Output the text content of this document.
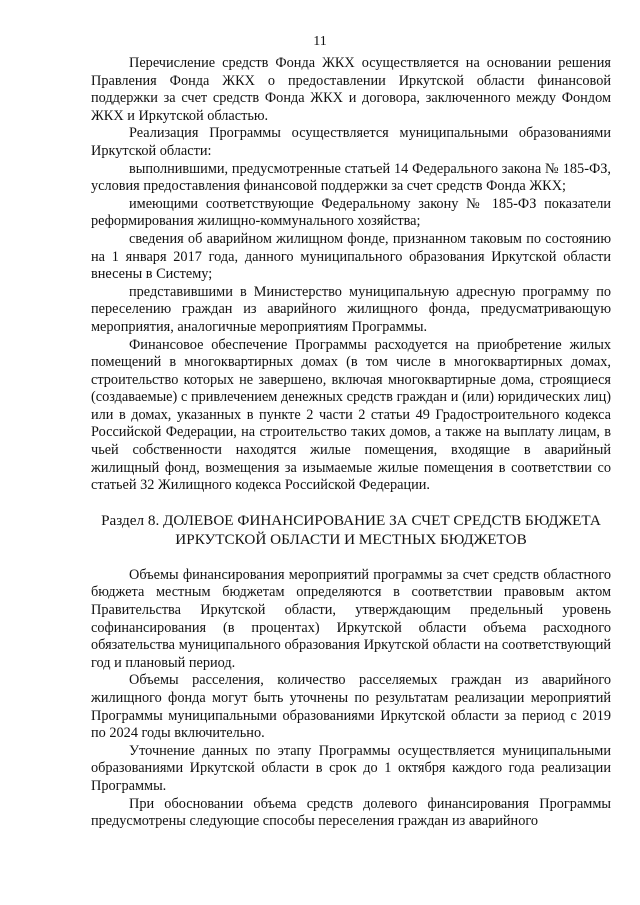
11

Перечисление средств Фонда ЖКХ осуществляется на основании решения Правления Фонда ЖКХ о предоставлении Иркутской области финансовой поддержки за счет средств Фонда ЖКХ и договора, заключенного между Фондом ЖКХ и Иркутской областью.

Реализация Программы осуществляется муниципальными образованиями Иркутской области:

выполнившими, предусмотренные статьей 14 Федерального закона № 185-ФЗ, условия предоставления финансовой поддержки за счет средств Фонда ЖКХ;

имеющими соответствующие Федеральному закону № 185-ФЗ показатели реформирования жилищно-коммунального хозяйства;

сведения об аварийном жилищном фонде, признанном таковым по состоянию на 1 января 2017 года, данного муниципального образования Иркутской области внесены в Систему;

представившими в Министерство муниципальную адресную программу по переселению граждан из аварийного жилищного фонда, предусматривающую мероприятия, аналогичные мероприятиям Программы.

Финансовое обеспечение Программы расходуется на приобретение жилых помещений в многоквартирных домах (в том числе в многоквартирных домах, строительство которых не завершено, включая многоквартирные дома, строящиеся (создаваемые) с привлечением денежных средств граждан и (или) юридических лиц) или в домах, указанных в пункте 2 части 2 статьи 49 Градостроительного кодекса Российской Федерации, на строительство таких домов, а также на выплату лицам, в чьей собственности находятся жилые помещения, входящие в аварийный жилищный фонд, возмещения за изымаемые жилые помещения в соответствии со статьей 32 Жилищного кодекса Российской Федерации.

Раздел 8. ДОЛЕВОЕ ФИНАНСИРОВАНИЕ ЗА СЧЕТ СРЕДСТВ БЮДЖЕТА
ИРКУТСКОЙ ОБЛАСТИ И МЕСТНЫХ БЮДЖЕТОВ

Объемы финансирования мероприятий программы за счет средств областного бюджета местным бюджетам определяются в соответствии правовым актом Правительства Иркутской области, утверждающим предельный уровень софинансирования (в процентах) Иркутской области объема расходного обязательства муниципального образования Иркутской области на соответствующий год и плановый период.

Объемы расселения, количество расселяемых граждан из аварийного жилищного фонда могут быть уточнены по результатам реализации мероприятий Программы муниципальными образованиями Иркутской области за период с 2019 по 2024 годы включительно.

Уточнение данных по этапу Программы осуществляется муниципальными образованиями Иркутской области в срок до 1 октября каждого года реализации Программы.

При обосновании объема средств долевого финансирования Программы предусмотрены следующие способы переселения граждан из аварийного
